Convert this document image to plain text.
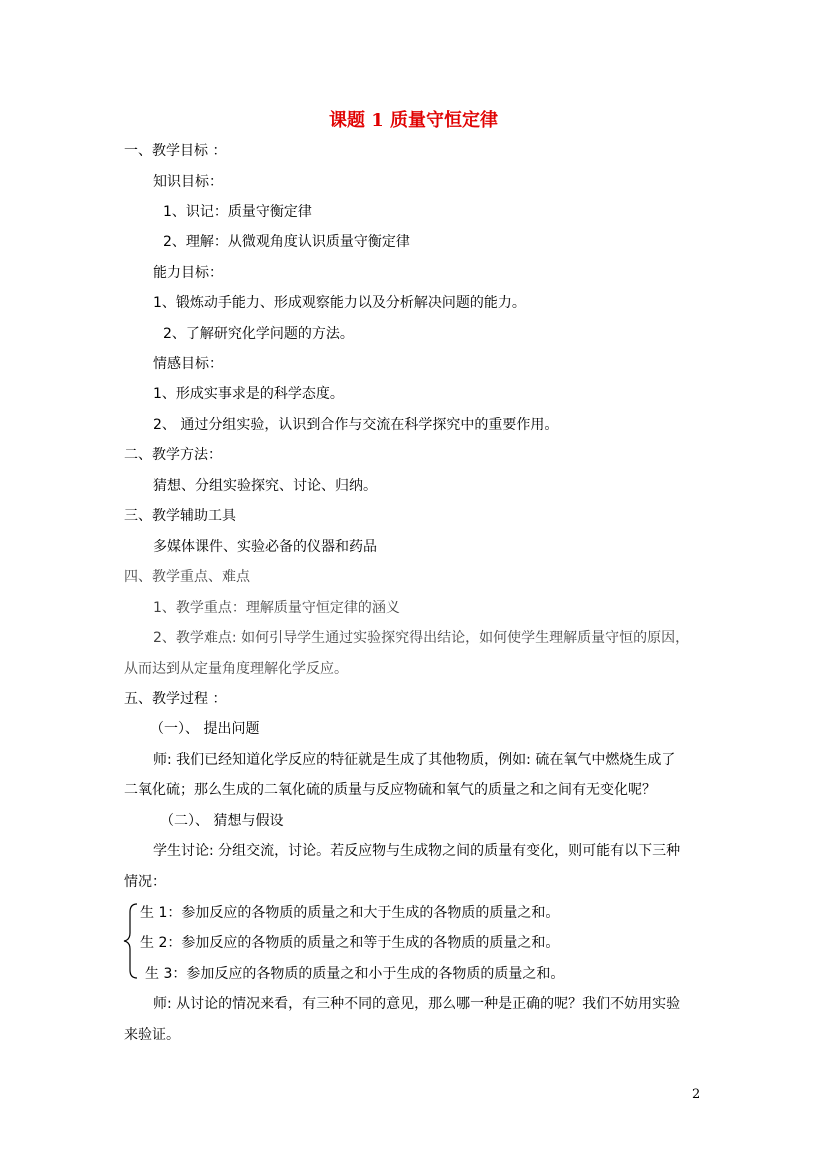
课题 1 质量守恒定律
一、教学目标 ：
知识目标：
1、识记：质量守衡定律
2、理解：从微观角度认识质量守衡定律
能力目标：
1、锻炼动手能力、形成观察能力以及分析解决问题的能力。
2、了解研究化学问题的方法。
情感目标：
1、形成实事求是的科学态度。
2、 通过分组实验，认识到合作与交流在科学探究中的重要作用。
二、教学方法：
猜想、分组实验探究、讨论、归纳。
三、教学辅助工具
多媒体课件、实验必备的仪器和药品
四、教学重点、难点
1、教学重点：理解质量守恒定律的涵义
2、教学难点: 如何引导学生通过实验探究得出结论，如何使学生理解质量守恒的原因，
从而达到从定量角度理解化学反应。
五、教学过程 ：
（一）、 提出问题
师: 我们已经知道化学反应的特征就是生成了其他物质，例如: 硫在氧气中燃烧生成了
二氧化硫；那么生成的二氧化硫的质量与反应物硫和氧气的质量之和之间有无变化呢？
（二）、 猜想与假设
学生讨论: 分组交流，讨论。若反应物与生成物之间的质量有变化，则可能有以下三种
情况：
生 1：参加反应的各物质的质量之和大于生成的各物质的质量之和。
生 2：参加反应的各物质的质量之和等于生成的各物质的质量之和。
生 3：参加反应的各物质的质量之和小于生成的各物质的质量之和。
师: 从讨论的情况来看，有三种不同的意见，那么哪一种是正确的呢？我们不妨用实验
来验证。
2
